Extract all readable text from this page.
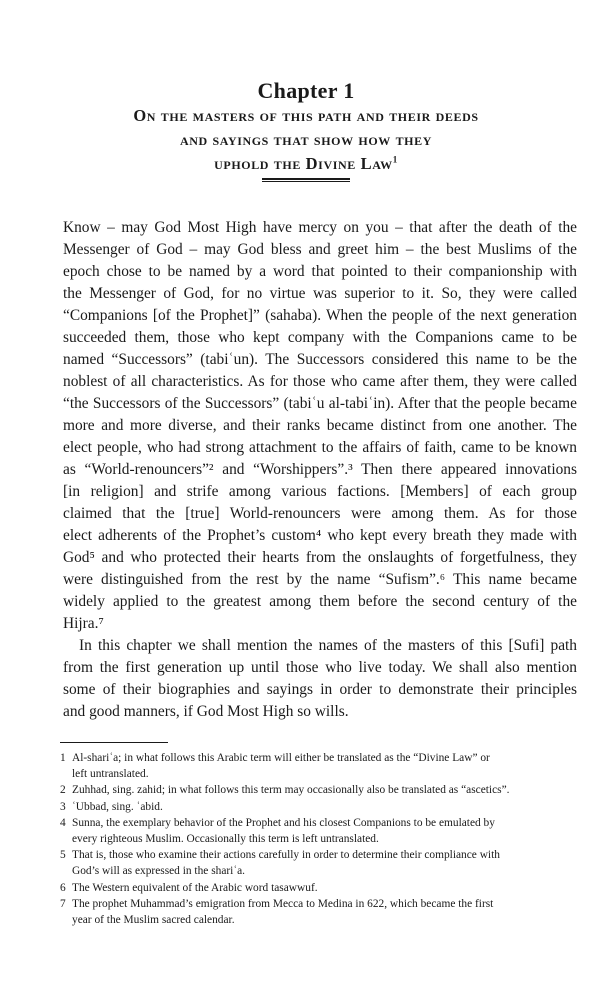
Chapter 1
On the masters of this path and their deeds
and sayings that show how they
uphold the Divine Law$^1$
Know – may God Most High have mercy on you – that after the death of the
Messenger of God – may God bless and greet him – the best Muslims of the
epoch chose to be named by a word that pointed to their companionship with
the Messenger of God, for no virtue was superior to it. So, they were called
“Companions [of the Prophet]” (sahaba). When the people of the next generation
succeeded them, those who kept company with the Companions came to be
named “Successors” (tabiʿun). The Successors considered this name to be the
noblest of all characteristics. As for those who came after them, they were called
“the Successors of the Successors” (tabiʿu al-tabiʿin). After that the people became
more and more diverse, and their ranks became distinct from one another. The
elect people, who had strong attachment to the affairs of faith, came to be known
as “World-renouncers”² and “Worshippers”.³ Then there appeared innovations
[in religion] and strife among various factions. [Members] of each group
claimed that the [true] World-renouncers were among them. As for those
elect adherents of the Prophet’s custom⁴ who kept every breath they made with
God⁵ and who protected their hearts from the onslaughts of forgetfulness, they
were distinguished from the rest by the name “Sufism”.⁶ This name became
widely applied to the greatest among them before the second century of the
Hijra.⁷
In this chapter we shall mention the names of the masters of this [Sufi] path
from the first generation up until those who live today. We shall also mention
some of their biographies and sayings in order to demonstrate their principles
and good manners, if God Most High so wills.
1 Al-shariʿa; in what follows this Arabic term will either be translated as the “Divine Law” or
left untranslated.
2 Zuhhad, sing. zahid; in what follows this term may occasionally also be translated as “ascetics”.
3 ʿUbbad, sing. ʿabid.
4 Sunna, the exemplary behavior of the Prophet and his closest Companions to be emulated by
every righteous Muslim. Occasionally this term is left untranslated.
5 That is, those who examine their actions carefully in order to determine their compliance with
God’s will as expressed in the shariʿa.
6 The Western equivalent of the Arabic word tasawwuf.
7 The prophet Muhammad’s emigration from Mecca to Medina in 622, which became the first
year of the Muslim sacred calendar.
